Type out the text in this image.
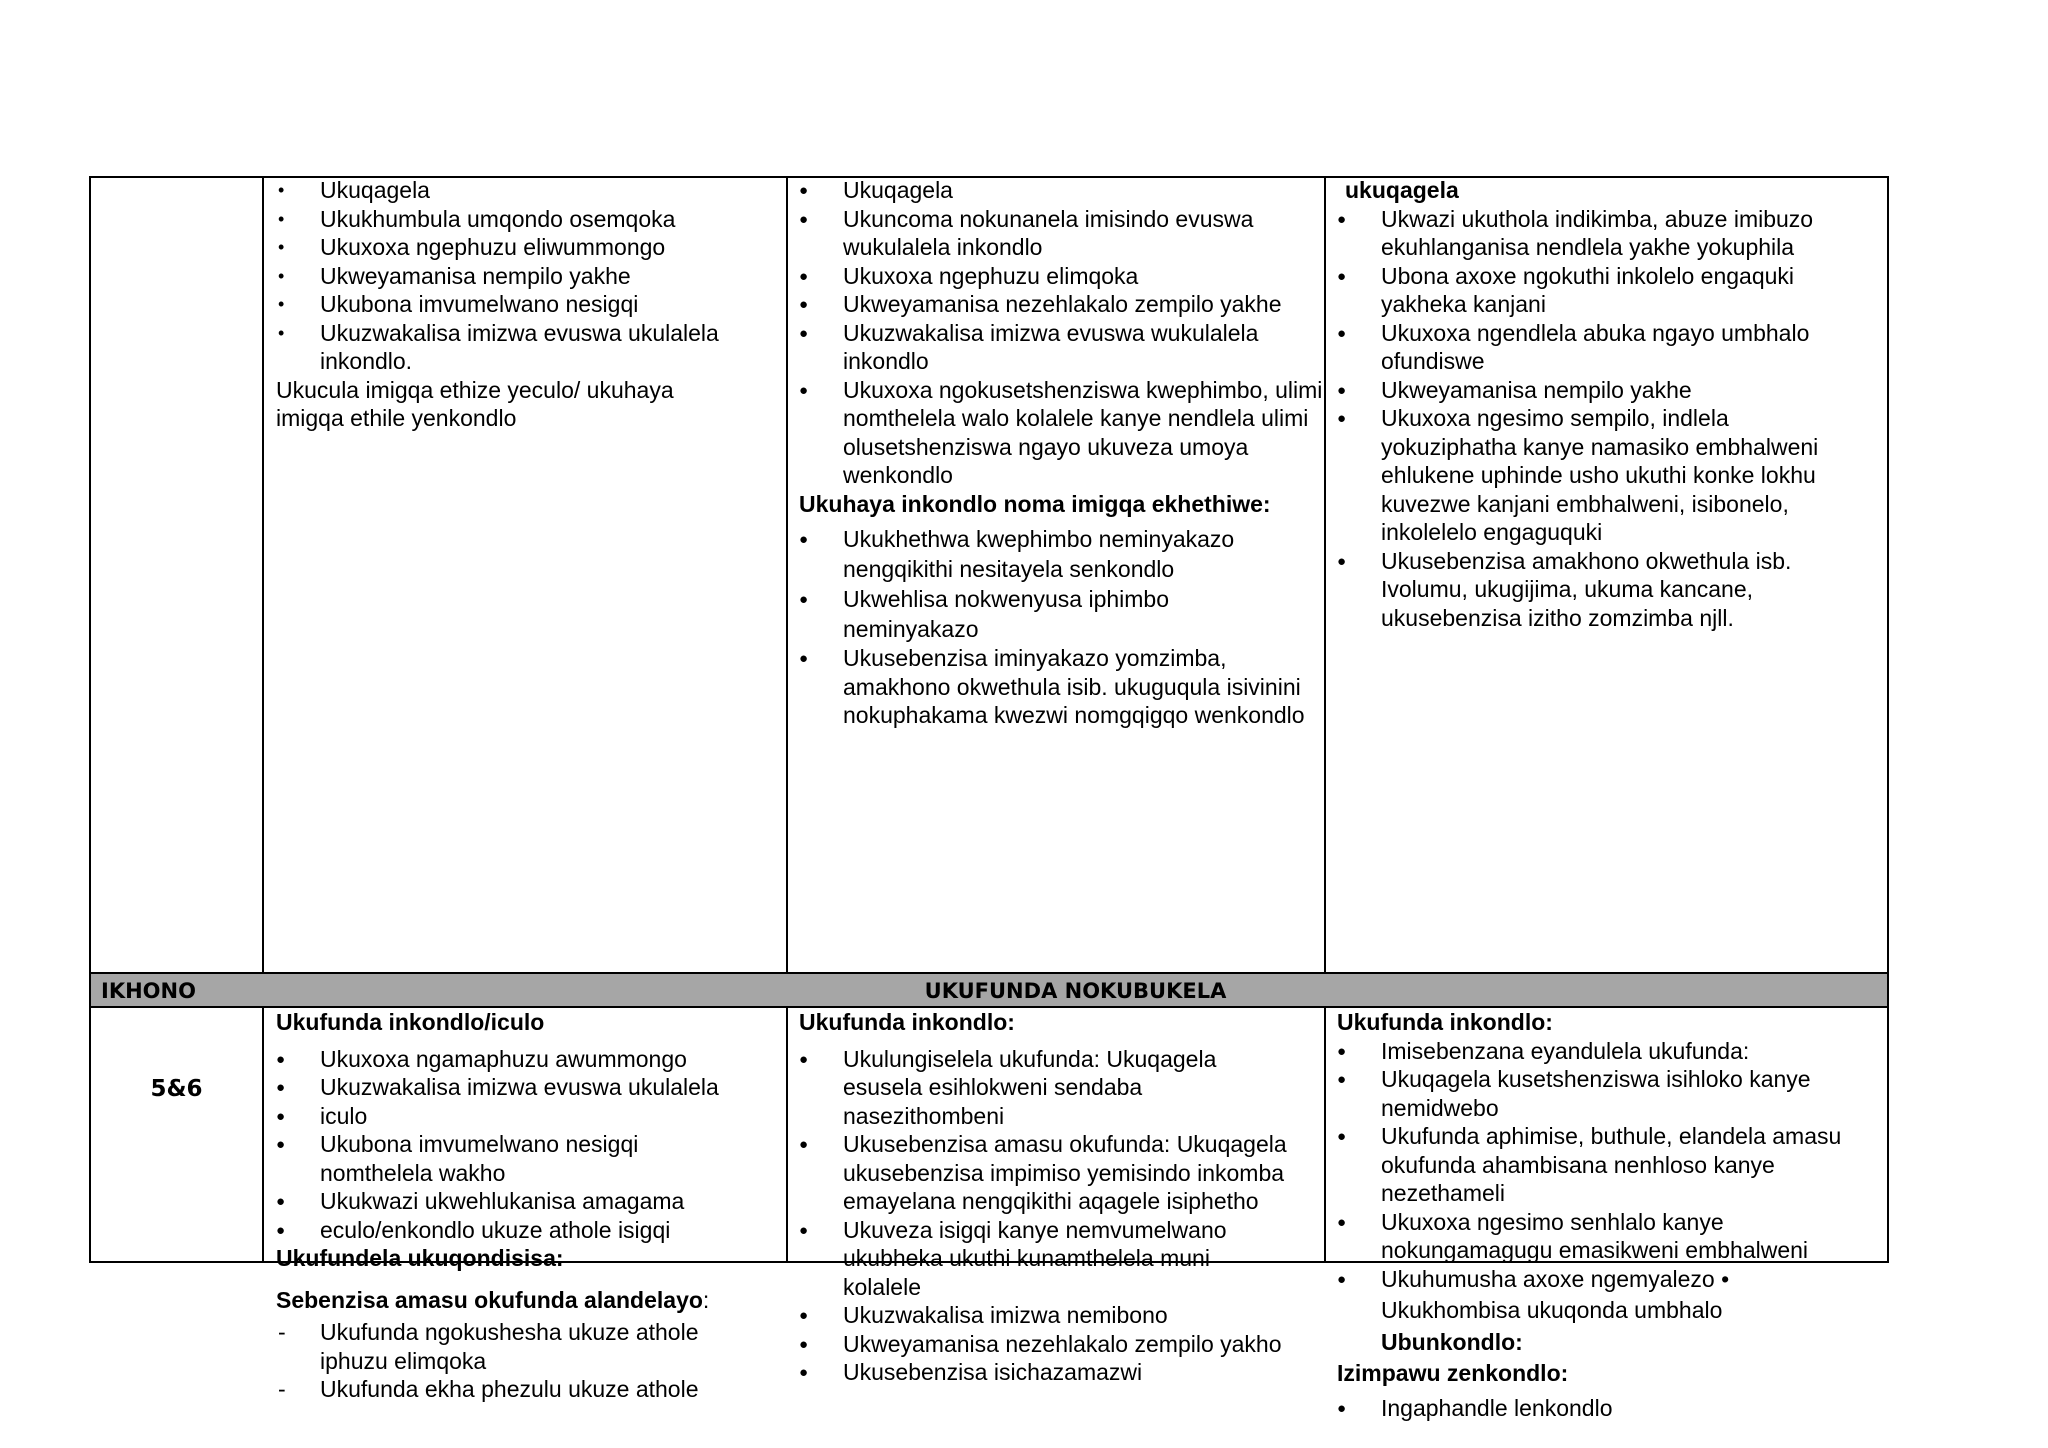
IKHONO	UKUFUNDA NOKUBUKELA
• Ukuqagela
• Ukukhumbula umqondo osemqoka
• Ukuxoxa ngephuzu eliwummongo
• Ukweyamanisa nempilo yakhe
• Ukubona imvumelwano nesigqi
• Ukuzwakalisa imizwa evuswa ukulalela inkondlo.
Ukucula imigqa ethize yeculo/ ukuhaya imigqa ethile yenkondlo
● Ukuqagela
● Ukuncoma nokunanela imisindo evuswa wukulalela inkondlo
● Ukuxoxa ngephuzu elimqoka
● Ukweyamanisa nezehlakalo zempilo yakhe
● Ukuzwakalisa imizwa evuswa wukulalela inkondlo
● Ukuxoxa ngokusetshenziswa kwephimbo, ulimi nomthelela walo kolalele kanye nendlela ulimi olusetshenziswa ngayo ukuveza umoya wenkondlo
Ukuhaya inkondlo noma imigqa ekhethiwe:
● Ukukhethwa kwephimbo neminyakazo nengqikithi nesitayela senkondlo
● Ukwehlisa nokwenyusa iphimbo neminyakazo
● Ukusebenzisa iminyakazo yomzimba, amakhono okwethula isib. ukuguqula isivinini nokuphakama kwezwi nomgqigqo wenkondlo
ukuqagela
● Ukwazi ukuthola indikimba, abuze imibuzo ekuhlanganisa nendlela yakhe yokuphila
● Ubona axoxe ngokuthi inkolelo engaquki yakheka kanjani
● Ukuxoxa ngendlela abuka ngayo umbhalo ofundiswe
● Ukweyamanisa nempilo yakhe
● Ukuxoxa ngesimo sempilo, indlela yokuziphatha kanye namasiko embhalweni ehlukene uphinde usho ukuthi konke lokhu kuvezwe kanjani embhalweni, isibonelo, inkolelelo engaguquki
● Ukusebenzisa amakhono okwethula isb. Ivolumu, ukugijima, ukuma kancane, ukusebenzisa izitho zomzimba njll.
5&6
Ukufunda inkondlo/iculo
● Ukuxoxa ngamaphuzu awummongo
● Ukuzwakalisa imizwa evuswa ukulalela
● iculo
● Ukubona imvumelwano nesigqi nomthelela wakho
● Ukukwazi ukwehlukanisa amagama
● eculo/enkondlo ukuze athole isigqi
Ukufundela ukuqondisisa:
Sebenzisa amasu okufunda alandelayo:
- Ukufunda ngokushesha ukuze athole iphuzu elimqoka
- Ukufunda ekha phezulu ukuze athole
Ukufunda inkondlo:
● Ukulungiselela ukufunda: Ukuqagela esusela esihlokweni sendaba nasezithombeni
● Ukusebenzisa amasu okufunda: Ukuqagela ukusebenzisa impimiso yemisindo inkomba emayelana nengqikithi aqagele isiphetho
● Ukuveza isigqi kanye nemvumelwano ukubheka ukuthi kunamthelela muni kolalele
● Ukuzwakalisa imizwa nemibono
● Ukweyamanisa nezehlakalo zempilo yakho
● Ukusebenzisa isichazamazwi
Ukufunda inkondlo:
● Imisebenzana eyandulela ukufunda:
● Ukuqagela kusetshenziswa isihloko kanye nemidwebo
● Ukufunda aphimise, buthule, elandela amasu okufunda ahambisana nenhloso kanye nezethameli
● Ukuxoxa ngesimo senhlalo kanye nokungamagugu emasikweni embhalweni
● Ukuhumusha axoxe ngemyalezo •
Ukukhombisa ukuqonda umbhalo
Ubunkondlo:
Izimpawu zenkondlo:
● Ingaphandle lenkondlo
